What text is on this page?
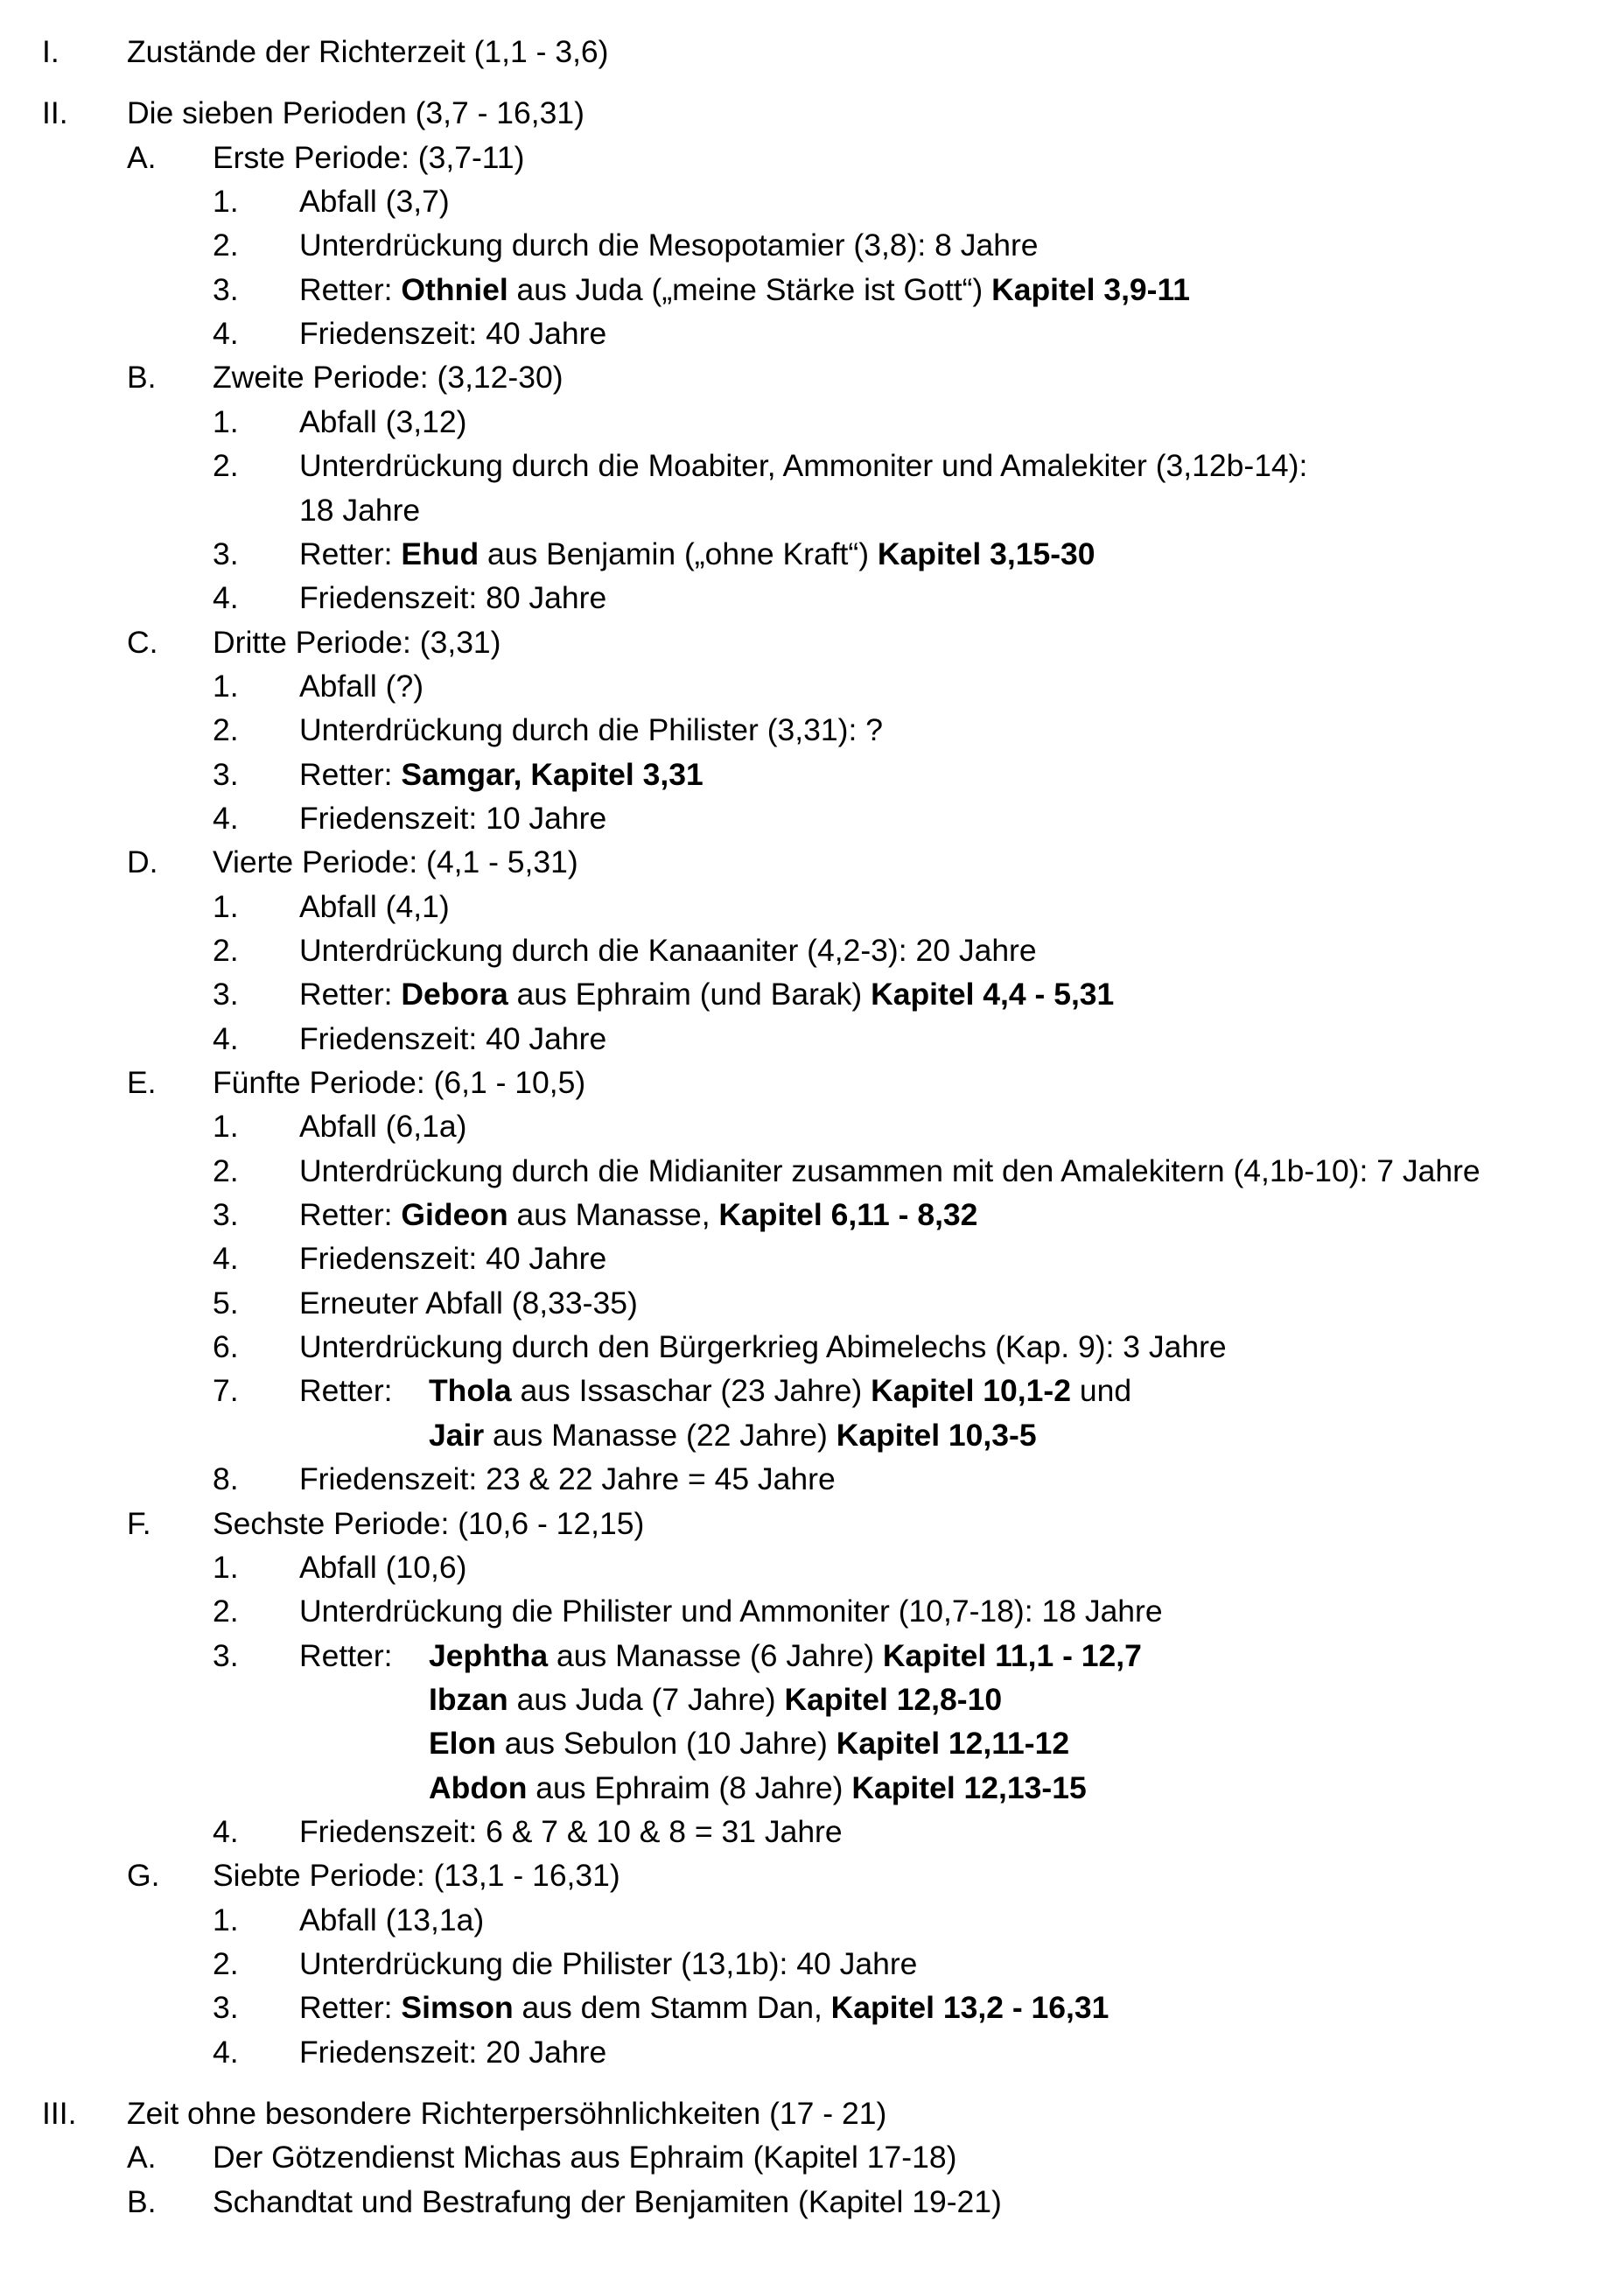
I. Zustände der Richterzeit (1,1 - 3,6)
II. Die sieben Perioden (3,7 - 16,31)
A. Erste Periode: (3,7-11)
1. Abfall (3,7)
2. Unterdrückung durch die Mesopotamier (3,8): 8 Jahre
3. Retter: Othniel aus Juda („meine Stärke ist Gott“) Kapitel 3,9-11
4. Friedenszeit: 40 Jahre
B. Zweite Periode: (3,12-30)
1. Abfall (3,12)
2. Unterdrückung durch die Moabiter, Ammoniter und Amalekiter (3,12b-14):
18 Jahre
3. Retter: Ehud aus Benjamin („ohne Kraft“) Kapitel 3,15-30
4. Friedenszeit: 80 Jahre
C. Dritte Periode: (3,31)
1. Abfall (?)
2. Unterdrückung durch die Philister (3,31): ?
3. Retter: Samgar, Kapitel 3,31
4. Friedenszeit: 10 Jahre
D. Vierte Periode: (4,1 - 5,31)
1. Abfall (4,1)
2. Unterdrückung durch die Kanaaniter (4,2-3): 20 Jahre
3. Retter: Debora aus Ephraim (und Barak) Kapitel 4,4 - 5,31
4. Friedenszeit: 40 Jahre
E. Fünfte Periode: (6,1 - 10,5)
1. Abfall (6,1a)
2. Unterdrückung durch die Midianiter zusammen mit den Amalekitern (4,1b-10): 7 Jahre
3. Retter: Gideon aus Manasse, Kapitel 6,11 - 8,32
4. Friedenszeit: 40 Jahre
5. Erneuter Abfall (8,33-35)
6. Unterdrückung durch den Bürgerkrieg Abimelechs (Kap. 9): 3 Jahre
7. Retter: Thola aus Issaschar (23 Jahre) Kapitel 10,1-2 und
Jair aus Manasse (22 Jahre) Kapitel 10,3-5
8. Friedenszeit: 23 & 22 Jahre = 45 Jahre
F. Sechste Periode: (10,6 - 12,15)
1. Abfall (10,6)
2. Unterdrückung die Philister und Ammoniter (10,7-18): 18 Jahre
3. Retter: Jephtha aus Manasse (6 Jahre) Kapitel 11,1 - 12,7
Ibzan aus Juda (7 Jahre) Kapitel 12,8-10
Elon aus Sebulon (10 Jahre) Kapitel 12,11-12
Abdon aus Ephraim (8 Jahre) Kapitel 12,13-15
4. Friedenszeit: 6 & 7 & 10 & 8 = 31 Jahre
G. Siebte Periode: (13,1 - 16,31)
1. Abfall (13,1a)
2. Unterdrückung die Philister (13,1b): 40 Jahre
3. Retter: Simson aus dem Stamm Dan, Kapitel 13,2 - 16,31
4. Friedenszeit: 20 Jahre
III. Zeit ohne besondere Richterpersöhnlichkeiten (17 - 21)
A. Der Götzendienst Michas aus Ephraim (Kapitel 17-18)
B. Schandtat und Bestrafung der Benjamiten (Kapitel 19-21)
